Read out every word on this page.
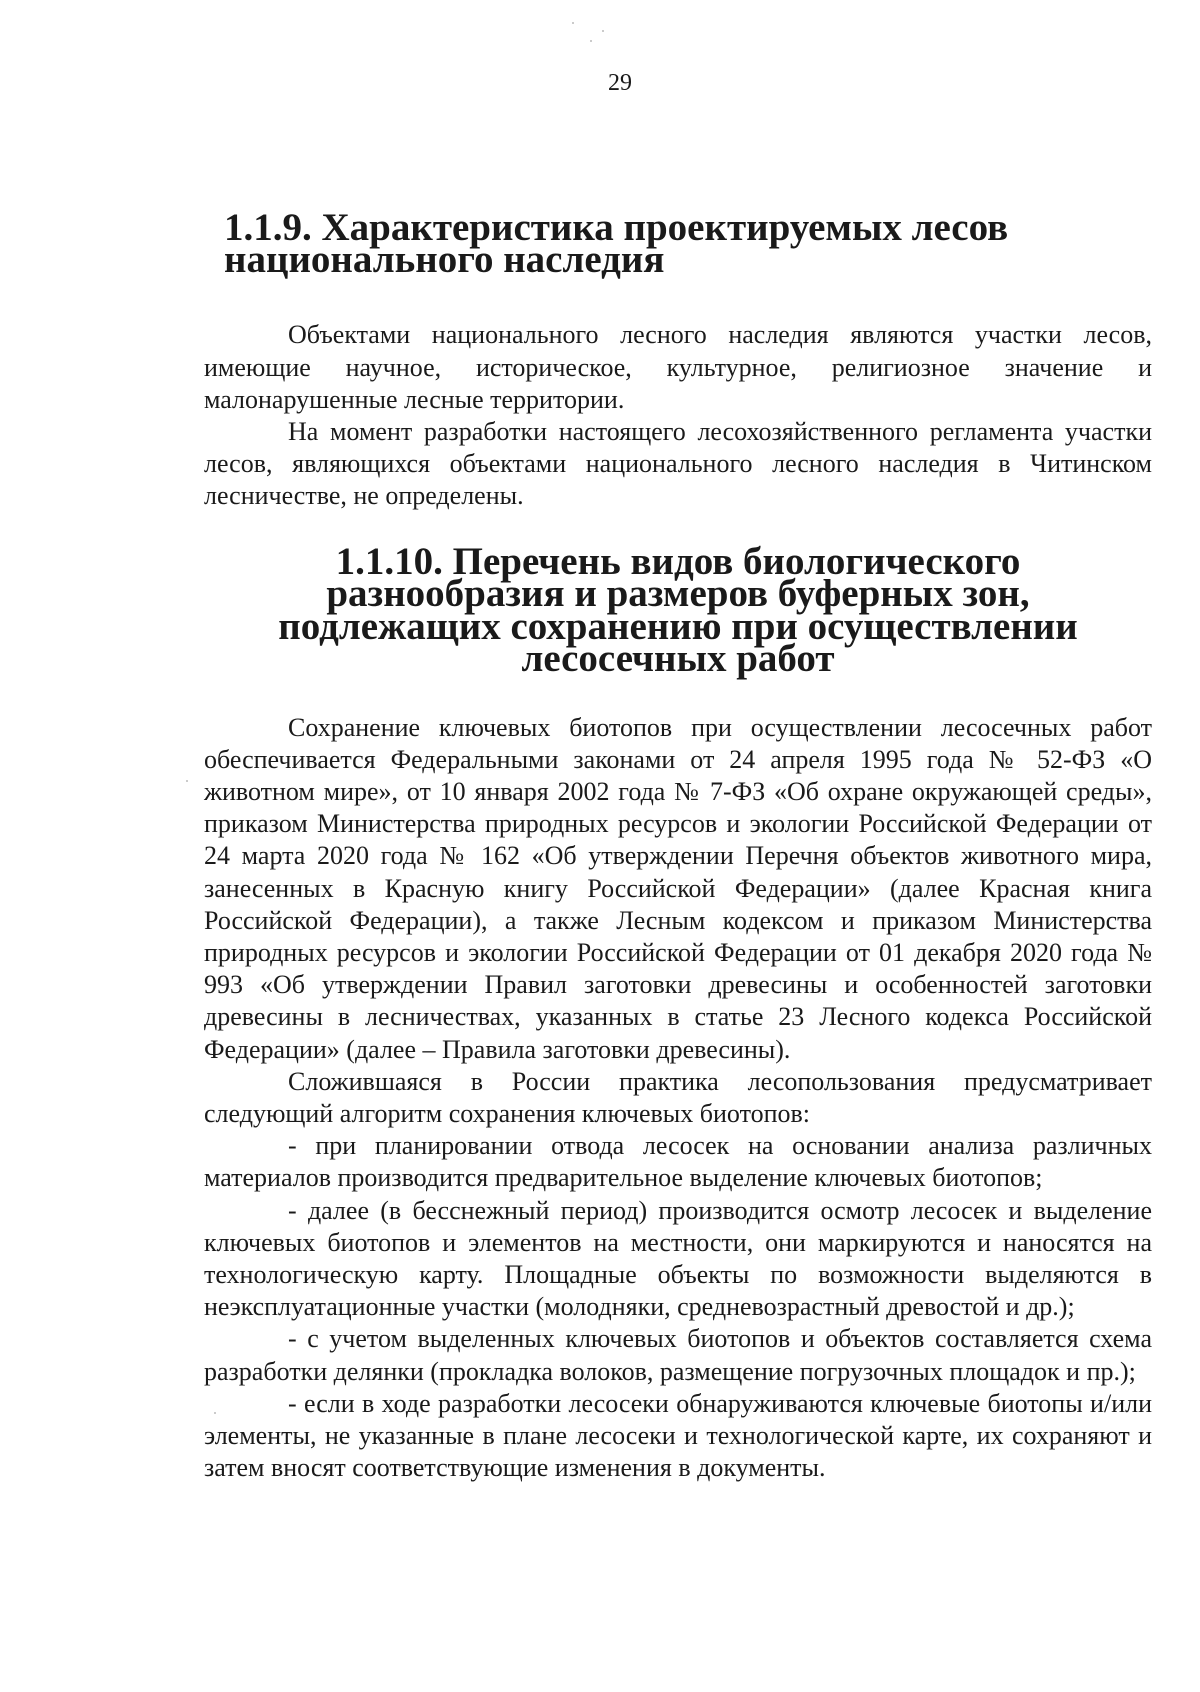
29
1.1.9. Характеристика проектируемых лесов национального наследия

Объектами национального лесного наследия являются участки лесов, имеющие научное, историческое, культурное, религиозное значение и малонарушенные лесные территории.

На момент разработки настоящего лесохозяйственного регламента участки лесов, являющихся объектами национального лесного наследия в Читинском лесничестве, не определены.

1.1.10. Перечень видов биологического разнообразия и размеров буферных зон, подлежащих сохранению при осуществлении лесосечных работ

Сохранение ключевых биотопов при осуществлении лесосечных работ обеспечивается Федеральными законами от 24 апреля 1995 года № 52-ФЗ «О животном мире», от 10 января 2002 года № 7-ФЗ «Об охране окружающей среды», приказом Министерства природных ресурсов и экологии Российской Федерации от 24 марта 2020 года № 162 «Об утверждении Перечня объектов животного мира, занесенных в Красную книгу Российской Федерации» (далее Красная книга Российской Федерации), а также Лесным кодексом и приказом Министерства природных ресурсов и экологии Российской Федерации от 01 декабря 2020 года № 993 «Об утверждении Правил заготовки древесины и особенностей заготовки древесины в лесничествах, указанных в статье 23 Лесного кодекса Российской Федерации» (далее – Правила заготовки древесины).

Сложившаяся в России практика лесопользования предусматривает следующий алгоритм сохранения ключевых биотопов:

- при планировании отвода лесосек на основании анализа различных материалов производится предварительное выделение ключевых биотопов;

- далее (в бесснежный период) производится осмотр лесосек и выделение ключевых биотопов и элементов на местности, они маркируются и наносятся на технологическую карту. Площадные объекты по возможности выделяются в неэксплуатационные участки (молодняки, средневозрастный древостой и др.);

- с учетом выделенных ключевых биотопов и объектов составляется схема разработки делянки (прокладка волоков, размещение погрузочных площадок и пр.);

- если в ходе разработки лесосеки обнаруживаются ключевые биотопы и/или элементы, не указанные в плане лесосеки и технологической карте, их сохраняют и затем вносят соответствующие изменения в документы.
